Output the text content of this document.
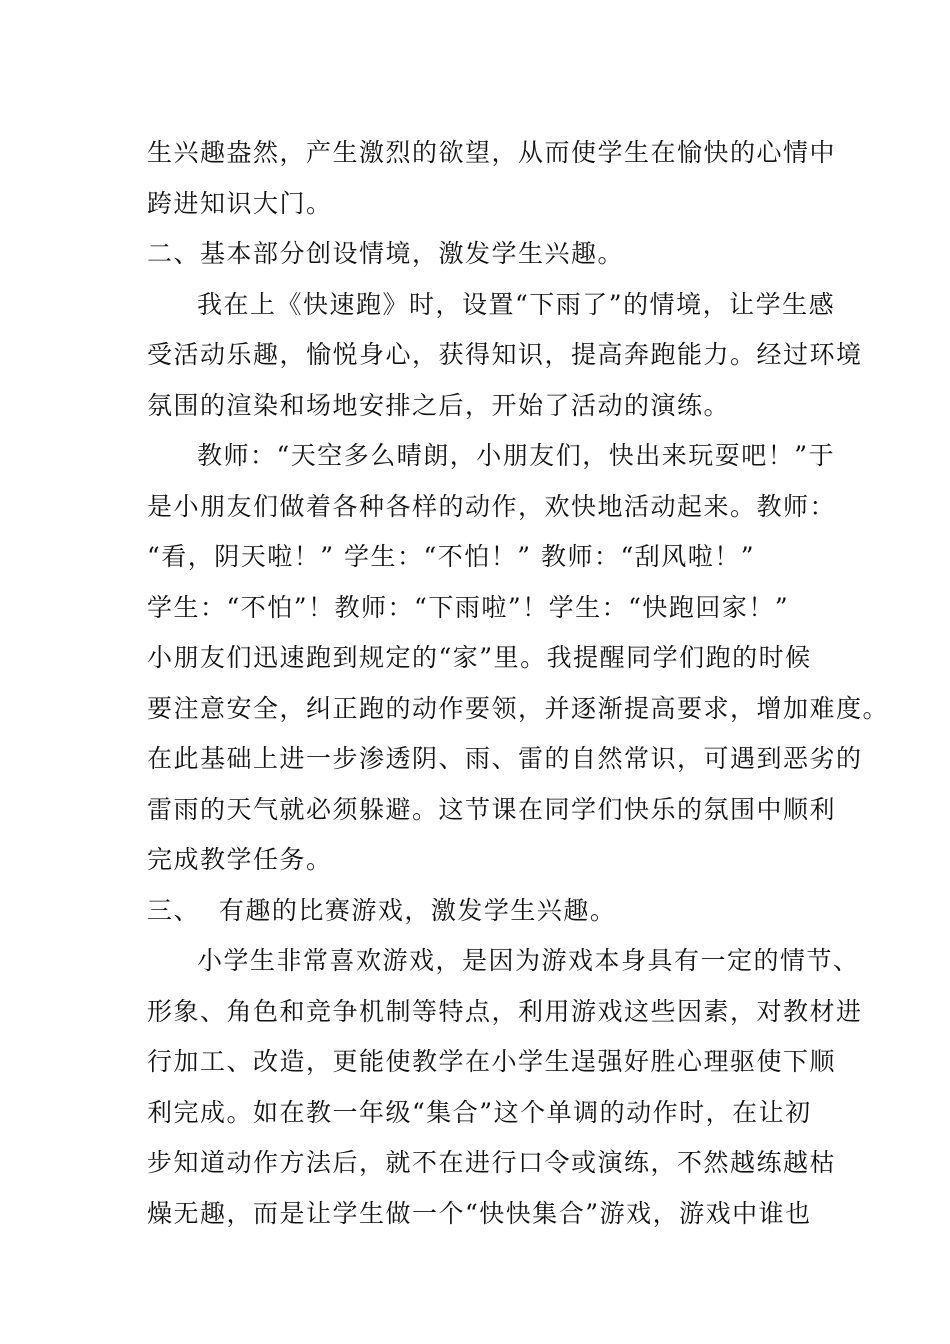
生兴趣盎然，产生激烈的欲望，从而使学生在愉快的心情中
跨进知识大门。
二、基本部分创设情境，激发学生兴趣。
我在上《快速跑》时，设置“下雨了”的情境，让学生感
受活动乐趣，愉悦身心，获得知识，提高奔跑能力。经过环境
氛围的渲染和场地安排之后，开始了活动的演练。
教师：“天空多么晴朗，小朋友们，快出来玩耍吧！”于
是小朋友们做着各种各样的动作，欢快地活动起来。教师：
“看，阴天啦！” 学生：“不怕！” 教师：“刮风啦！”
学生：“不怕”！教师：“下雨啦”！学生：“快跑回家！”
小朋友们迅速跑到规定的“家”里。我提醒同学们跑的时候
要注意安全，纠正跑的动作要领，并逐渐提高要求，增加难度。
在此基础上进一步渗透阴、雨、雷的自然常识，可遇到恶劣的
雷雨的天气就必须躲避。这节课在同学们快乐的氛围中顺利
完成教学任务。
三、  有趣的比赛游戏，激发学生兴趣。
小学生非常喜欢游戏，是因为游戏本身具有一定的情节、
形象、角色和竞争机制等特点，利用游戏这些因素，对教材进
行加工、改造，更能使教学在小学生逞强好胜心理驱使下顺
利完成。如在教一年级“集合”这个单调的动作时，在让初
步知道动作方法后，就不在进行口令或演练，不然越练越枯
燥无趣，而是让学生做一个“快快集合”游戏，游戏中谁也
